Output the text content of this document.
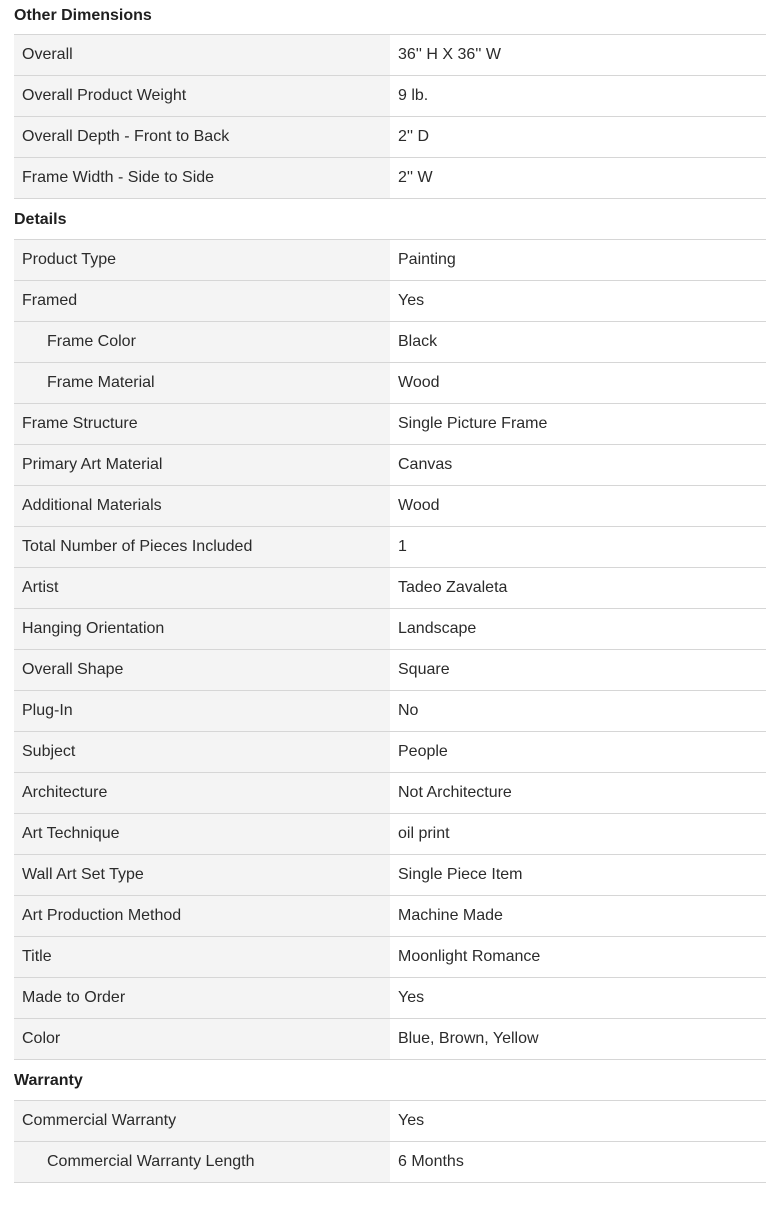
Other Dimensions
Overall	36'' H X 36'' W
Overall Product Weight	9 lb.
Overall Depth - Front to Back	2'' D
Frame Width - Side to Side	2'' W
Details
Product Type	Painting
Framed	Yes
Frame Color	Black
Frame Material	Wood
Frame Structure	Single Picture Frame
Primary Art Material	Canvas
Additional Materials	Wood
Total Number of Pieces Included	1
Artist	Tadeo Zavaleta
Hanging Orientation	Landscape
Overall Shape	Square
Plug-In	No
Subject	People
Architecture	Not Architecture
Art Technique	oil print
Wall Art Set Type	Single Piece Item
Art Production Method	Machine Made
Title	Moonlight Romance
Made to Order	Yes
Color	Blue, Brown, Yellow
Warranty
Commercial Warranty	Yes
Commercial Warranty Length	6 Months
